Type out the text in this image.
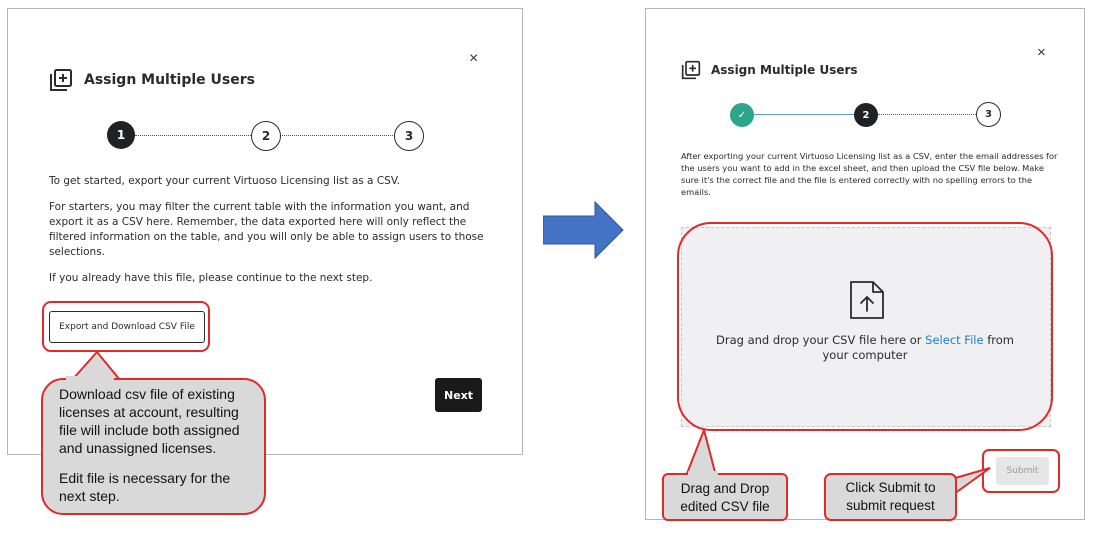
×
Assign Multiple Users
1	2	3

To get started, export your current Virtuoso Licensing list as a CSV.

For starters, you may filter the current table with the information you want, and export it as a CSV here. Remember, the data exported here will only reflect the filtered information on the table, and you will only be able to assign users to those selections.

If you already have this file, please continue to the next step.

Next
Export and Download CSV File
Download csv file of existing licenses at account, resulting file will include both assigned and unassigned licenses.
Edit file is necessary for the next step.
×
Assign Multiple Users
✓	2	3

After exporting your current Virtuoso Licensing list as a CSV, enter the email addresses for the users you want to add in the excel sheet, and then upload the CSV file below. Make sure it's the correct file and the file is entered correctly with no spelling errors to the emails.

Drag and drop your CSV file here or Select File from your computer
Submit
Drag and Drop edited CSV file
Click Submit to submit request
